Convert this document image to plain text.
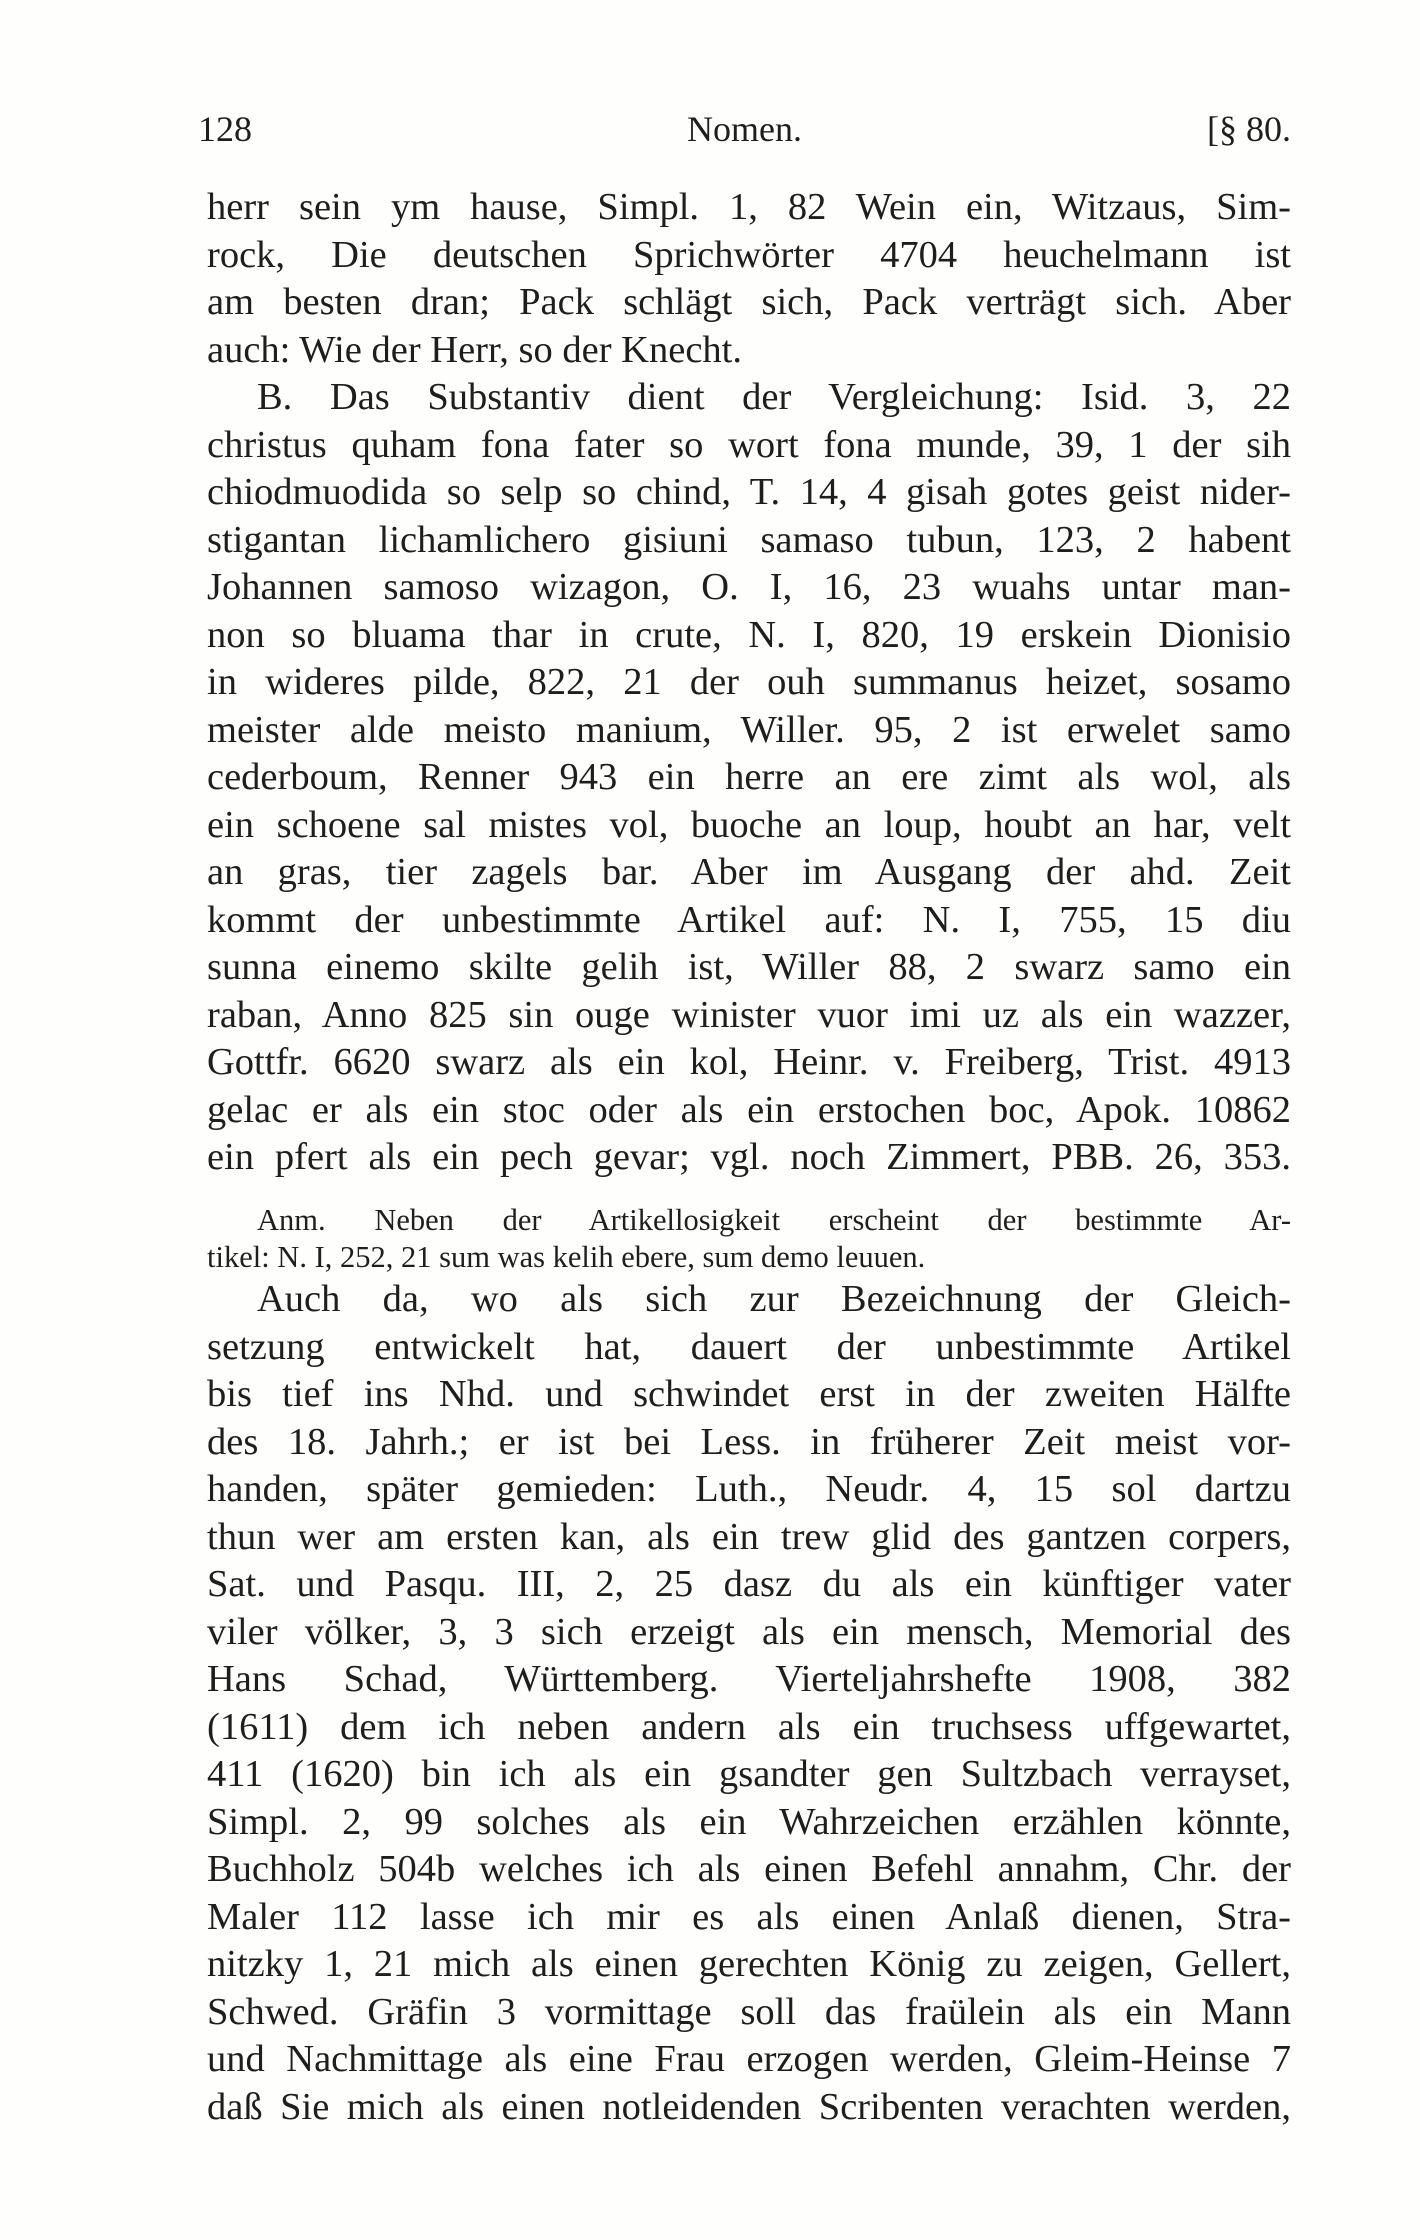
128	Nomen.	[§ 80.
herr sein ym hause, Simpl. 1, 82 Wein ein, Witzaus, Sim-
rock, Die deutschen Sprichwörter 4704 heuchelmann ist
am besten dran; Pack schlägt sich, Pack verträgt sich. Aber
auch: Wie der Herr, so der Knecht.
B. Das Substantiv dient der Vergleichung: Isid. 3, 22
christus quham fona fater so wort fona munde, 39, 1 der sih
chiodmuodida so selp so chind, T. 14, 4 gisah gotes geist nider-
stigantan lichamlichero gisiuni samaso tubun, 123, 2 habent
Johannen samoso wizagon, O. I, 16, 23 wuahs untar man-
non so bluama thar in crute, N. I, 820, 19 erskein Dionisio
in wideres pilde, 822, 21 der ouh summanus heizet, sosamo
meister alde meisto manium, Willer. 95, 2 ist erwelet samo
cederboum, Renner 943 ein herre an ere zimt als wol, als
ein schoene sal mistes vol, buoche an loup, houbt an har, velt
an gras, tier zagels bar. Aber im Ausgang der ahd. Zeit
kommt der unbestimmte Artikel auf: N. I, 755, 15 diu
sunna einemo skilte gelih ist, Willer 88, 2 swarz samo ein
raban, Anno 825 sin ouge winister vuor imi uz als ein wazzer,
Gottfr. 6620 swarz als ein kol, Heinr. v. Freiberg, Trist. 4913
gelac er als ein stoc oder als ein erstochen boc, Apok. 10862
ein pfert als ein pech gevar; vgl. noch Zimmert, PBB. 26, 353.
Anm. Neben der Artikellosigkeit erscheint der bestimmte Ar-
tikel: N. I, 252, 21 sum was kelih ebere, sum demo leuuen.
Auch da, wo als sich zur Bezeichnung der Gleich-
setzung entwickelt hat, dauert der unbestimmte Artikel
bis tief ins Nhd. und schwindet erst in der zweiten Hälfte
des 18. Jahrh.; er ist bei Less. in früherer Zeit meist vor-
handen, später gemieden: Luth., Neudr. 4, 15 sol dartzu
thun wer am ersten kan, als ein trew glid des gantzen corpers,
Sat. und Pasqu. III, 2, 25 dasz du als ein künftiger vater
viler völker, 3, 3 sich erzeigt als ein mensch, Memorial des
Hans Schad, Württemberg. Vierteljahrshefte 1908, 382
(1611) dem ich neben andern als ein truchsess uffgewartet,
411 (1620) bin ich als ein gsandter gen Sultzbach verrayset,
Simpl. 2, 99 solches als ein Wahrzeichen erzählen könnte,
Buchholz 504b welches ich als einen Befehl annahm, Chr. der
Maler 112 lasse ich mir es als einen Anlaß dienen, Stra-
nitzky 1, 21 mich als einen gerechten König zu zeigen, Gellert,
Schwed. Gräfin 3 vormittage soll das fraülein als ein Mann
und Nachmittage als eine Frau erzogen werden, Gleim-Heinse 7
daß Sie mich als einen notleidenden Scribenten verachten werden,
